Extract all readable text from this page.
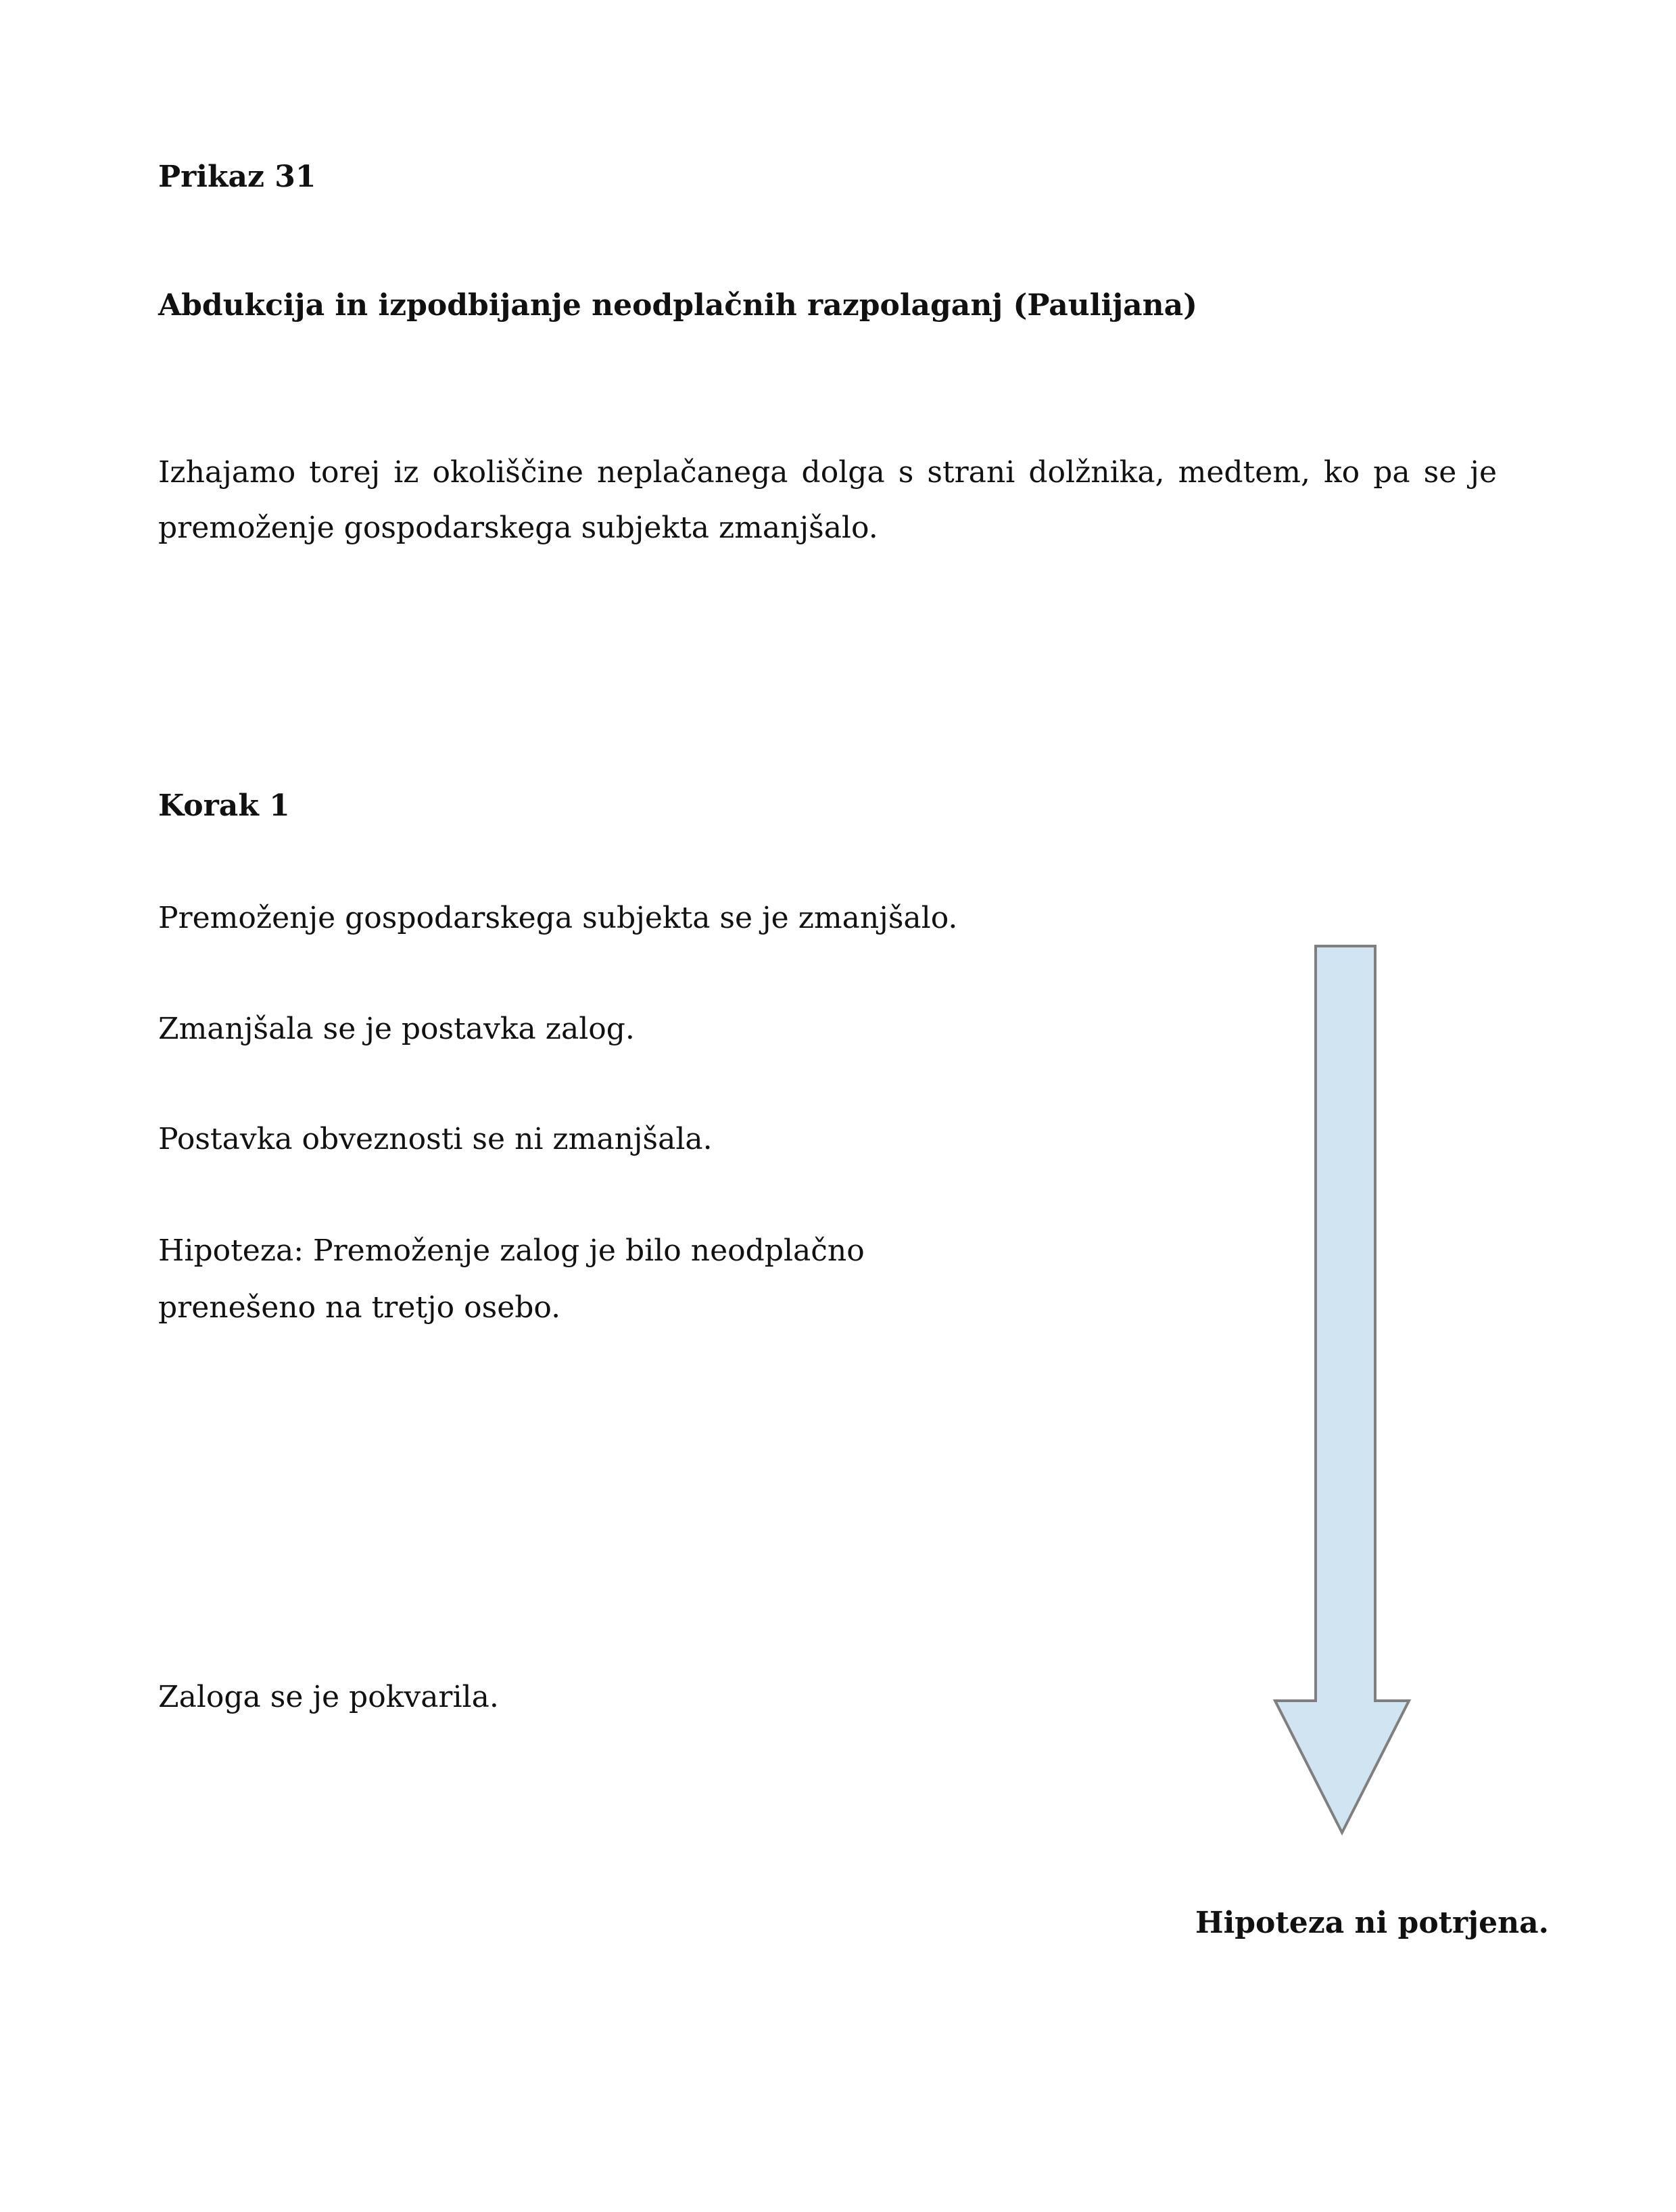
Prikaz 31
Abdukcija in izpodbijanje neodplačnih razpolaganj (Paulijana)
Izhajamo torej iz okoliščine neplačanega dolga s strani dolžnika, medtem, ko pa se je premoženje gospodarskega subjekta zmanjšalo.
Korak 1
Premoženje gospodarskega subjekta se je zmanjšalo.
Zmanjšala se je postavka zalog.
Postavka obveznosti se ni zmanjšala.
Hipoteza: Premoženje zalog je bilo neodplačno
prenešeno na tretjo osebo.
Zaloga se je pokvarila.
Hipoteza ni potrjena.
